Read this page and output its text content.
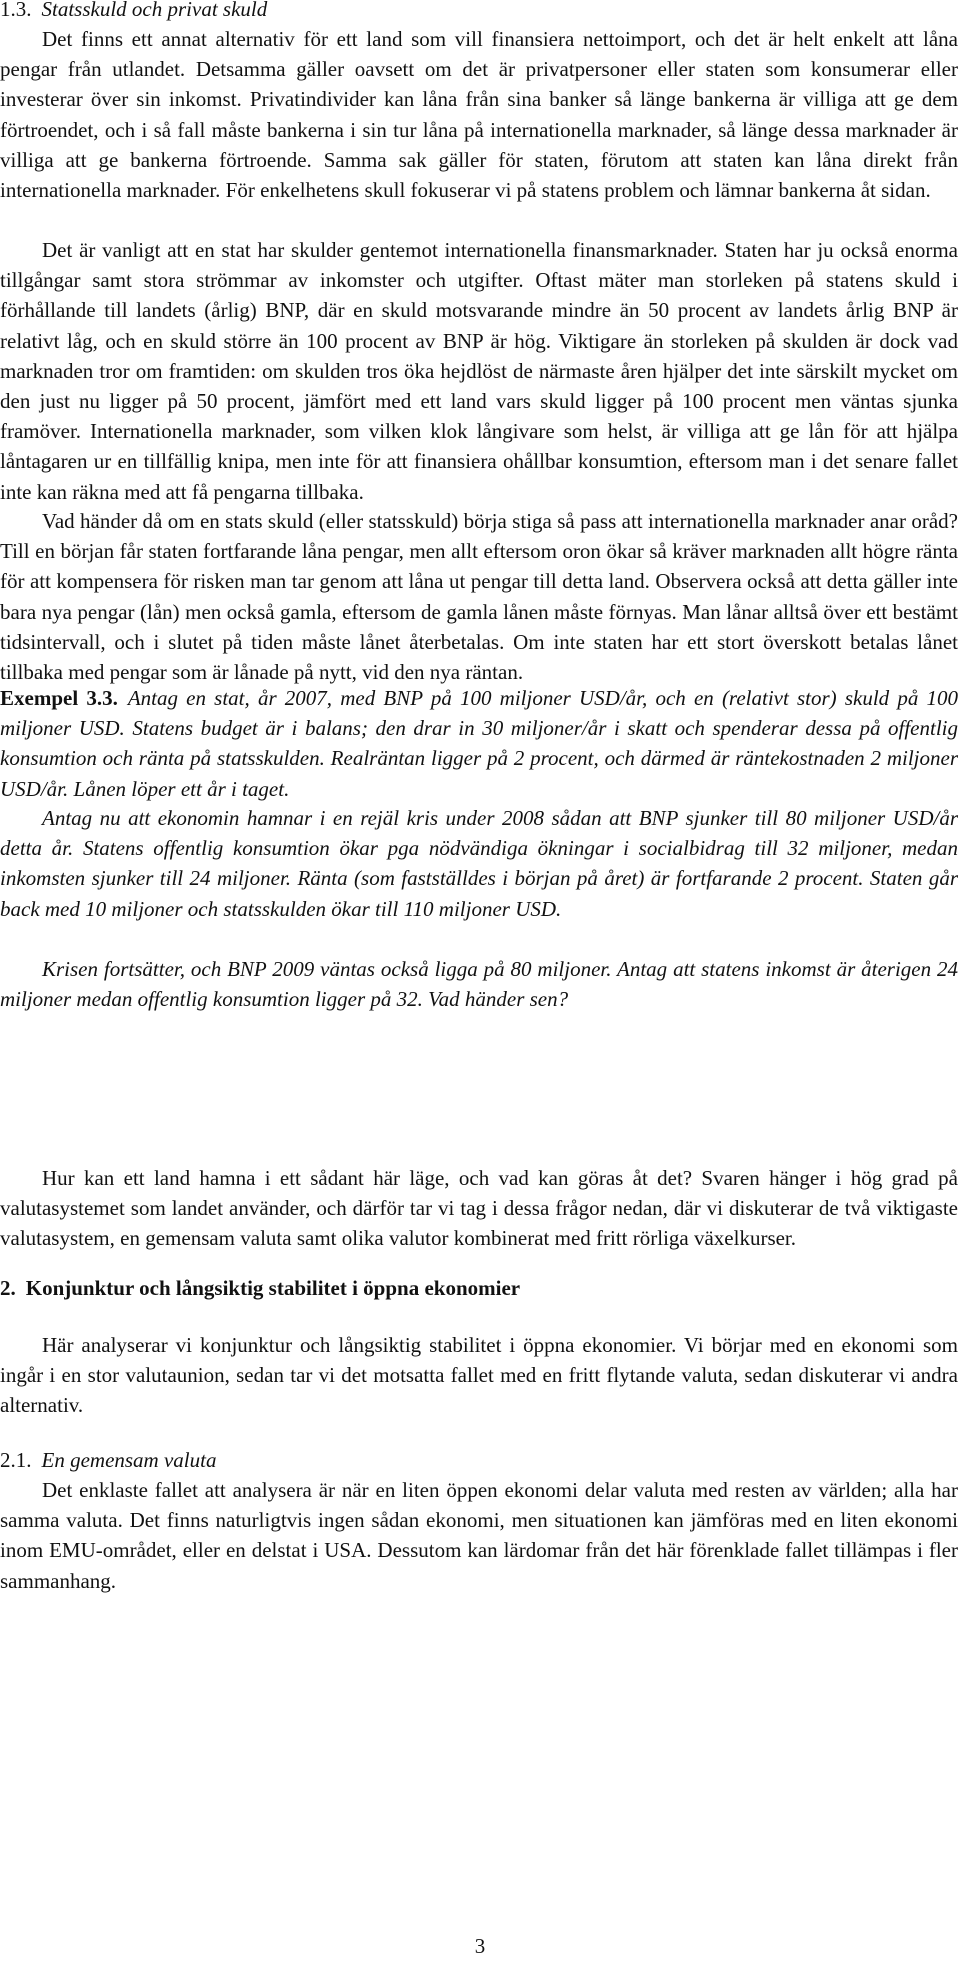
1.3. Statsskuld och privat skuld

Det finns ett annat alternativ för ett land som vill finansiera nettoimport, och det är helt enkelt att låna pengar från utlandet. Detsamma gäller oavsett om det är privatpersoner eller staten som konsumerar eller investerar över sin inkomst. Privatindivider kan låna från sina banker så länge bankerna är villiga att ge dem förtroendet, och i så fall måste bankerna i sin tur låna på internationella marknader, så länge dessa marknader är villiga att ge bankerna förtroende. Samma sak gäller för staten, förutom att staten kan låna direkt från internationella marknader. För enkelhetens skull fokuserar vi på statens problem och lämnar bankerna åt sidan.

Det är vanligt att en stat har skulder gentemot internationella finansmarknader. Staten har ju också enorma tillgångar samt stora strömmar av inkomster och utgifter. Oftast mäter man storleken på statens skuld i förhållande till landets (årlig) BNP, där en skuld motsvarande mindre än 50 procent av landets årlig BNP är relativt låg, och en skuld större än 100 procent av BNP är hög. Viktigare än storleken på skulden är dock vad marknaden tror om framtiden: om skulden tros öka hejdlöst de närmaste åren hjälper det inte särskilt mycket om den just nu ligger på 50 procent, jämfört med ett land vars skuld ligger på 100 procent men väntas sjunka framöver. Internationella marknader, som vilken klok långivare som helst, är villiga att ge lån för att hjälpa låntagaren ur en tillfällig knipa, men inte för att finansiera ohållbar konsumtion, eftersom man i det senare fallet inte kan räkna med att få pengarna tillbaka.

Vad händer då om en stats skuld (eller statsskuld) börja stiga så pass att internationella marknader anar oråd? Till en början får staten fortfarande låna pengar, men allt eftersom oron ökar så kräver marknaden allt högre ränta för att kompensera för risken man tar genom att låna ut pengar till detta land. Observera också att detta gäller inte bara nya pengar (lån) men också gamla, eftersom de gamla lånen måste förnyas. Man lånar alltså över ett bestämt tidsintervall, och i slutet på tiden måste lånet återbetalas. Om inte staten har ett stort överskott betalas lånet tillbaka med pengar som är lånade på nytt, vid den nya räntan.

Exempel 3.3. Antag en stat, år 2007, med BNP på 100 miljoner USD/år, och en (relativt stor) skuld på 100 miljoner USD. Statens budget är i balans; den drar in 30 miljoner/år i skatt och spenderar dessa på offentlig konsumtion och ränta på statsskulden. Realräntan ligger på 2 procent, och därmed är räntekostnaden 2 miljoner USD/år. Lånen löper ett år i taget.

Antag nu att ekonomin hamnar i en rejäl kris under 2008 sådan att BNP sjunker till 80 miljoner USD/år detta år. Statens offentlig konsumtion ökar pga nödvändiga ökningar i socialbidrag till 32 miljoner, medan inkomsten sjunker till 24 miljoner. Ränta (som fastställdes i början på året) är fortfarande 2 procent. Staten går back med 10 miljoner och statsskulden ökar till 110 miljoner USD.

Krisen fortsätter, och BNP 2009 väntas också ligga på 80 miljoner. Antag att statens inkomst är återigen 24 miljoner medan offentlig konsumtion ligger på 32. Vad händer sen?

Hur kan ett land hamna i ett sådant här läge, och vad kan göras åt det? Svaren hänger i hög grad på valutasystemet som landet använder, och därför tar vi tag i dessa frågor nedan, där vi diskuterar de två viktigaste valutasystem, en gemensam valuta samt olika valutor kombinerat med fritt rörliga växelkurser.

2. Konjunktur och långsiktig stabilitet i öppna ekonomier

Här analyserar vi konjunktur och långsiktig stabilitet i öppna ekonomier. Vi börjar med en ekonomi som ingår i en stor valutaunion, sedan tar vi det motsatta fallet med en fritt flytande valuta, sedan diskuterar vi andra alternativ.

2.1. En gemensam valuta

Det enklaste fallet att analysera är när en liten öppen ekonomi delar valuta med resten av världen; alla har samma valuta. Det finns naturligtvis ingen sådan ekonomi, men situationen kan jämföras med en liten ekonomi inom EMU-området, eller en delstat i USA. Dessutom kan lärdomar från det här förenklade fallet tillämpas i fler sammanhang.

3
